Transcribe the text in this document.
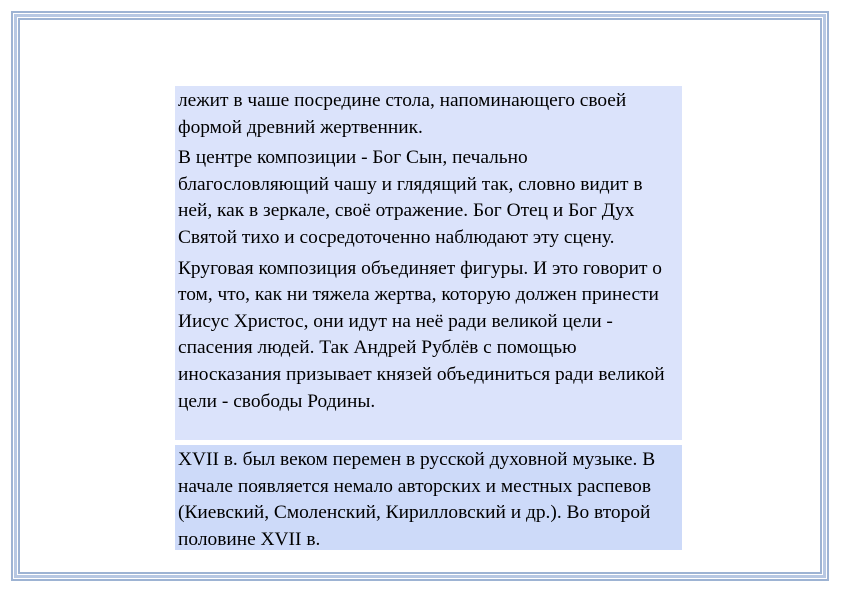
лежит в чаше посредине стола, напоминающего своей формой древний жертвенник.

В центре композиции - Бог Сын, печально благословляющий чашу и глядящий так, словно видит в ней, как в зеркале, своё отражение. Бог Отец и Бог Дух Святой тихо и сосредоточенно наблюдают эту сцену.

Круговая композиция объединяет фигуры. И это говорит о том, что, как ни тяжела жертва, которую должен принести Иисус Христос, они идут на неё ради великой цели - спасения людей. Так Андрей Рублёв с помощью иносказания призывает князей объединиться ради великой цели - свободы Родины.

XVII в. был веком перемен в русской духовной музыке. В начале появляется немало авторских и местных распевов (Киевский, Смоленский, Кирилловский и др.). Во второй половине XVII в.
